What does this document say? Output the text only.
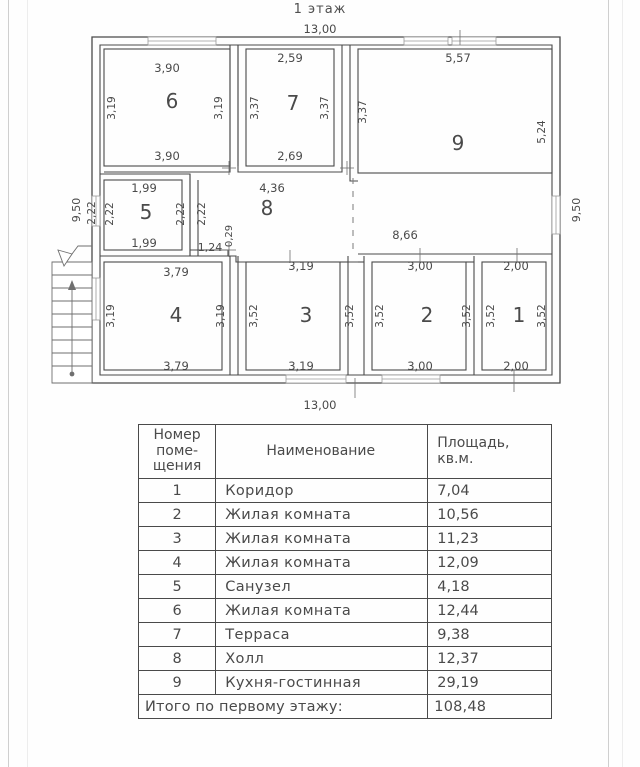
1 этаж
13,00
13,00
9,50	9,50
3,90
3,90
3,19	3,19
6
2,59
2,69
3,37	3,37
7
5,57
3,37
5,24
9
1,99
1,99
2,22	2,22
5
2,22
4,36
2,22	8
8,66
1,24
0,29
3,79
3,79
3,19	3,19
4
3,19
3,19
3,52	3,52
3
3,00
3,00
3,52	3,52
2
2,00
2,00
3,52	3,52
1
Номер
поме-
щения
	Наименование	Площадь,
кв.м.

1	Коридор	7,04
2	Жилая комната	10,56
3	Жилая комната	11,23
4	Жилая комната	12,09
5	Санузел	4,18
6	Жилая комната	12,44
7	Терраса	9,38
8	Холл	12,37
9	Кухня-гостинная	29,19
Итого по первому этажу:		108,48
